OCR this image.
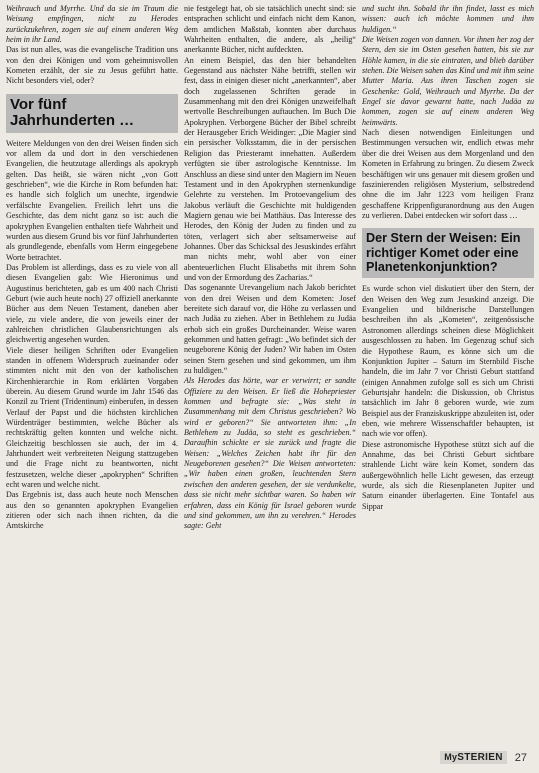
Weihrauch und Myrrhe. Und da sie im Traum die Weisung empfingen, nicht zu Herodes zurückzukehren, zogen sie auf einem anderen Weg heim in ihr Land.

Das ist nun alles, was die evangelische Tradition uns von den drei Königen und vom geheimnisvollen Kometen erzählt, der sie zu Jesus geführt hatte. Nicht besonders viel, oder?

Vor fünf Jahrhunderten …

Weitere Meldungen von den drei Weisen finden sich vor allem da und dort in den verschiedenen Evangelien, die heutzutage allerdings als apokryph gelten. Das heißt, sie wären nicht „von Gott geschrieben“, wie die Kirche in Rom befunden hat: es handle sich folglich um unechte, irgendwie verfälschte Evangelien. Freilich lehrt uns die Geschichte, das dem nicht ganz so ist: auch die apokryphen Evangelien enthalten tiefe Wahrheit und wurden aus diesem Grund bis vor fünf Jahrhunderten als grundlegende, ebenfalls vom Herrn eingegebene Worte betrachtet.

Das Problem ist allerdings, dass es zu viele von all diesen Evangelien gab: Wie Hieronimus und Augustinus berichteten, gab es um 400 nach Christi Geburt (wie auch heute noch) 27 offiziell anerkannte Bücher aus dem Neuen Testament, daneben aber viele, zu viele andere, die von jeweils einer der zahlreichen christlichen Glaubensrichtungen als gleichwertig angesehen wurden.

Viele dieser heiligen Schriften oder Evangelien standen in offenem Widerspruch zueinander oder stimmten nicht mit den von der katholischen Kirchenhierarchie in Rom erklärten Vorgaben überein. Au diesem Grund wurde im Jahr 1546 das Konzil zu Trient (Tridentinum) einberufen, in dessen Verlauf der Papst und die höchsten kirchlichen Würdenträger bestimmten, welche Bücher als rechtskräftig gelten konnten und welche nicht. Gleichzeitig beschlossen sie auch, der im 4. Jahrhundert weit verbreiteten Neigung stattzugeben und die Frage nicht zu beantworten, nicht festzusetzen, welche dieser „apokryphen“ Schriften echt waren und welche nicht.

Das Ergebnis ist, dass auch heute noch Menschen aus den so genannten apokryphen Evangelien zitieren oder sich nach ihnen richten, da die Amtskirche

nie festgelegt hat, ob sie tatsächlich unecht sind: sie entsprachen schlicht und einfach nicht dem Kanon, dem amtlichen Maßstab, konnten aber durchaus Wahrheiten enthalten, die andere, als „heilig“ anerkannte Bücher, nicht aufdeckten.

An einem Beispiel, das den hier behandelten Gegenstand aus nächster Nähe betrifft, stellen wir fest, dass in einigen dieser nicht „anerkannten“, aber doch zugelassenen Schriften gerade in Zusammenhang mit den drei Königen unzweifelhaft wertvolle Beschreibungen auftauchen. Im Buch Die Apokryphen. Verborgene Bücher der Bibel schreibt der Herausgeber Erich Weidinger: „Die Magier sind ein persischer Volksstamm, die in der persischen Religion das Priesteramt innehatten. Außerdem verfügten sie über astrologische Kenntnisse. Im Anschluss an diese sind unter den Magiern im Neuen Testament und in den Apokryphen sternenkundige Gelehrte zu verstehen. Im Protoevangelium des Jakobus verläuft die Geschichte mit huldigenden Magiern genau wie bei Matthäus. Das Interesse des Herodes, den König der Juden zu finden und zu töten, verlagert sich aber seltsamerweise auf Johannes. Über das Schicksal des Jesuskindes erfährt man nichts mehr, wohl aber von einer abenteuerlichen Flucht Elisabeths mit ihrem Sohn und von der Ermordung des Zacharias.“

Das sogenannte Urevangelium nach Jakob berichtet von den drei Weisen und dem Kometen: Josef bereitete sich darauf vor, die Höhe zu verlassen und nach Judäa zu ziehen. Aber in Bethlehem zu Judäa erhob sich ein großes Durcheinander. Weise waren gekommen und hatten gefragt: „Wo befindet sich der neugeborene König der Juden? Wir haben im Osten seinen Stern gesehen und sind gekommen, um ihm zu huldigen.“

Als Herodes das hörte, war er verwirrt; er sandte Offiziere zu den Weisen. Er ließ die Hohepriester kommen und befragte sie: „Was steht in Zusammenhang mit dem Christus geschrieben? Wo wird er geboren?“ Sie antworteten ihm: „In Bethlehem zu Judäa, so steht es geschrieben.“ Daraufhin schickte er sie zurück und fragte die Weisen: „Welches Zeichen habt ihr für den Neugeborenen gesehen?“ Die Weisen antworteten: „Wir haben einen großen, leuchtenden Stern zwischen den anderen gesehen, der sie verdunkelte, dass sie nicht mehr sichtbar waren. So haben wir erfahren, dass ein König für Israel geboren wurde und sind gekommen, um ihn zu verehren.“ Herodes sagte: Geht

und sucht ihn. Sobald ihr ihn findet, lasst es mich wissen: auch ich möchte kommen und ihm huldigen.“

Die Weisen zogen von dannen. Vor ihnen her zog der Stern, den sie im Osten gesehen hatten, bis sie zur Höhle kamen, in die sie eintraten, und blieb darüber stehen. Die Weisen sahen das Kind und mit ihm seine Mutter Maria. Aus ihren Taschen zogen sie Geschenke: Gold, Weihrauch und Myrrhe. Da der Engel sie davor gewarnt hatte, nach Judäa zu kommen, zogen sie auf einem anderen Weg heimwärts.

Nach diesen notwendigen Einleitungen und Bestimmungen versuchen wir, endlich etwas mehr über die drei Weisen aus dem Morgenland und den Kometen in Erfahrung zu bringen. Zu diesem Zweck beschäftigen wir uns genauer mit diesem großen und faszinierenden religiösen Mysterium, selbstredend ohne die im Jahr 1223 vom heiligen Franz geschaffene Krippenfiguranordnung aus den Augen zu verlieren. Dabei entdecken wir sofort dass …

Der Stern der Weisen: Ein richtiger Komet oder eine Planetenkonjunktion?

Es wurde schon viel diskutiert über den Stern, der den Weisen den Weg zum Jesuskind anzeigt. Die Evangelien und bildnerische Darstellungen beschreiben ihn als „Kometen“, zeitgenössische Astronomen allerdings scheinen diese Möglichkeit ausgeschlossen zu haben. Im Gegenzug schuf sich die Hypothese Raum, es könne sich um die Konjunktion Jupiter – Saturn im Sternbild Fische handeln, die im Jahr 7 vor Christi Geburt stattfand (einigen Annahmen zufolge soll es sich um Christi Geburtsjahr handeln: die Diskussion, ob Christus tatsächlich im Jahr 8 geboren wurde, wie zum Beispiel aus der Franziskuskrippe abzuleiten ist, oder eben, wie mehrere Wissenschaftler behaupten, ist nach wie vor offen).

Diese astronomische Hypothese stützt sich auf die Annahme, das bei Christi Geburt sichtbare strahlende Licht wäre kein Komet, sondern das außergewöhnlich helle Licht gewesen, das erzeugt wurde, als sich die Riesenplaneten Jupiter und Saturn einander überlagerten. Eine Tontafel aus Sippar

MySTERIEN	27
